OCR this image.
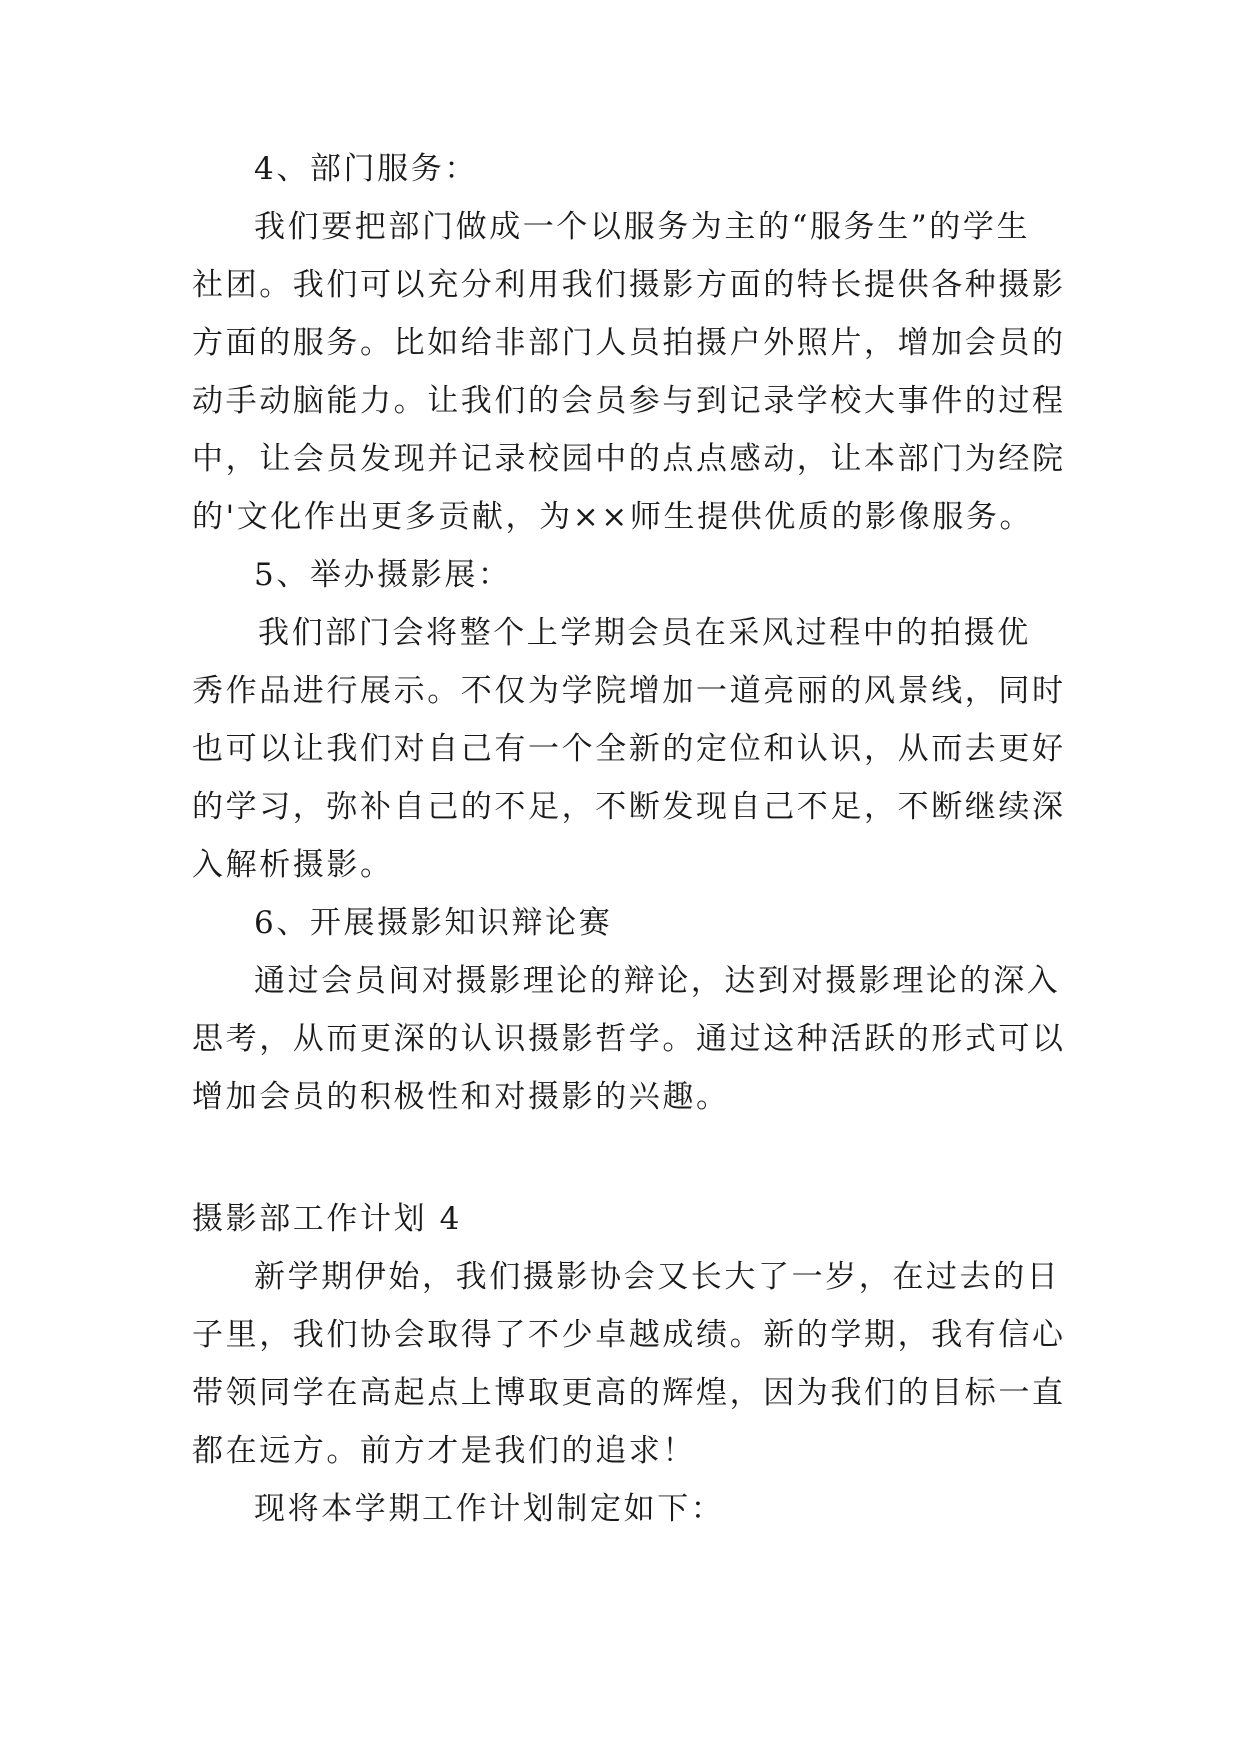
4、部门服务：
我们要把部门做成一个以服务为主的“服务生”的学生
社团。我们可以充分利用我们摄影方面的特长提供各种摄影
方面的服务。比如给非部门人员拍摄户外照片，增加会员的
动手动脑能力。让我们的会员参与到记录学校大事件的过程
中，让会员发现并记录校园中的点点感动，让本部门为经院
的'文化作出更多贡献，为××师生提供优质的影像服务。
5、举办摄影展：
我们部门会将整个上学期会员在采风过程中的拍摄优
秀作品进行展示。不仅为学院增加一道亮丽的风景线，同时
也可以让我们对自己有一个全新的定位和认识，从而去更好
的学习，弥补自己的不足，不断发现自己不足，不断继续深
入解析摄影。
6、开展摄影知识辩论赛
通过会员间对摄影理论的辩论，达到对摄影理论的深入
思考，从而更深的认识摄影哲学。通过这种活跃的形式可以
增加会员的积极性和对摄影的兴趣。
摄影部工作计划 4
新学期伊始，我们摄影协会又长大了一岁，在过去的日
子里，我们协会取得了不少卓越成绩。新的学期，我有信心
带领同学在高起点上博取更高的辉煌，因为我们的目标一直
都在远方。前方才是我们的追求！
现将本学期工作计划制定如下：
